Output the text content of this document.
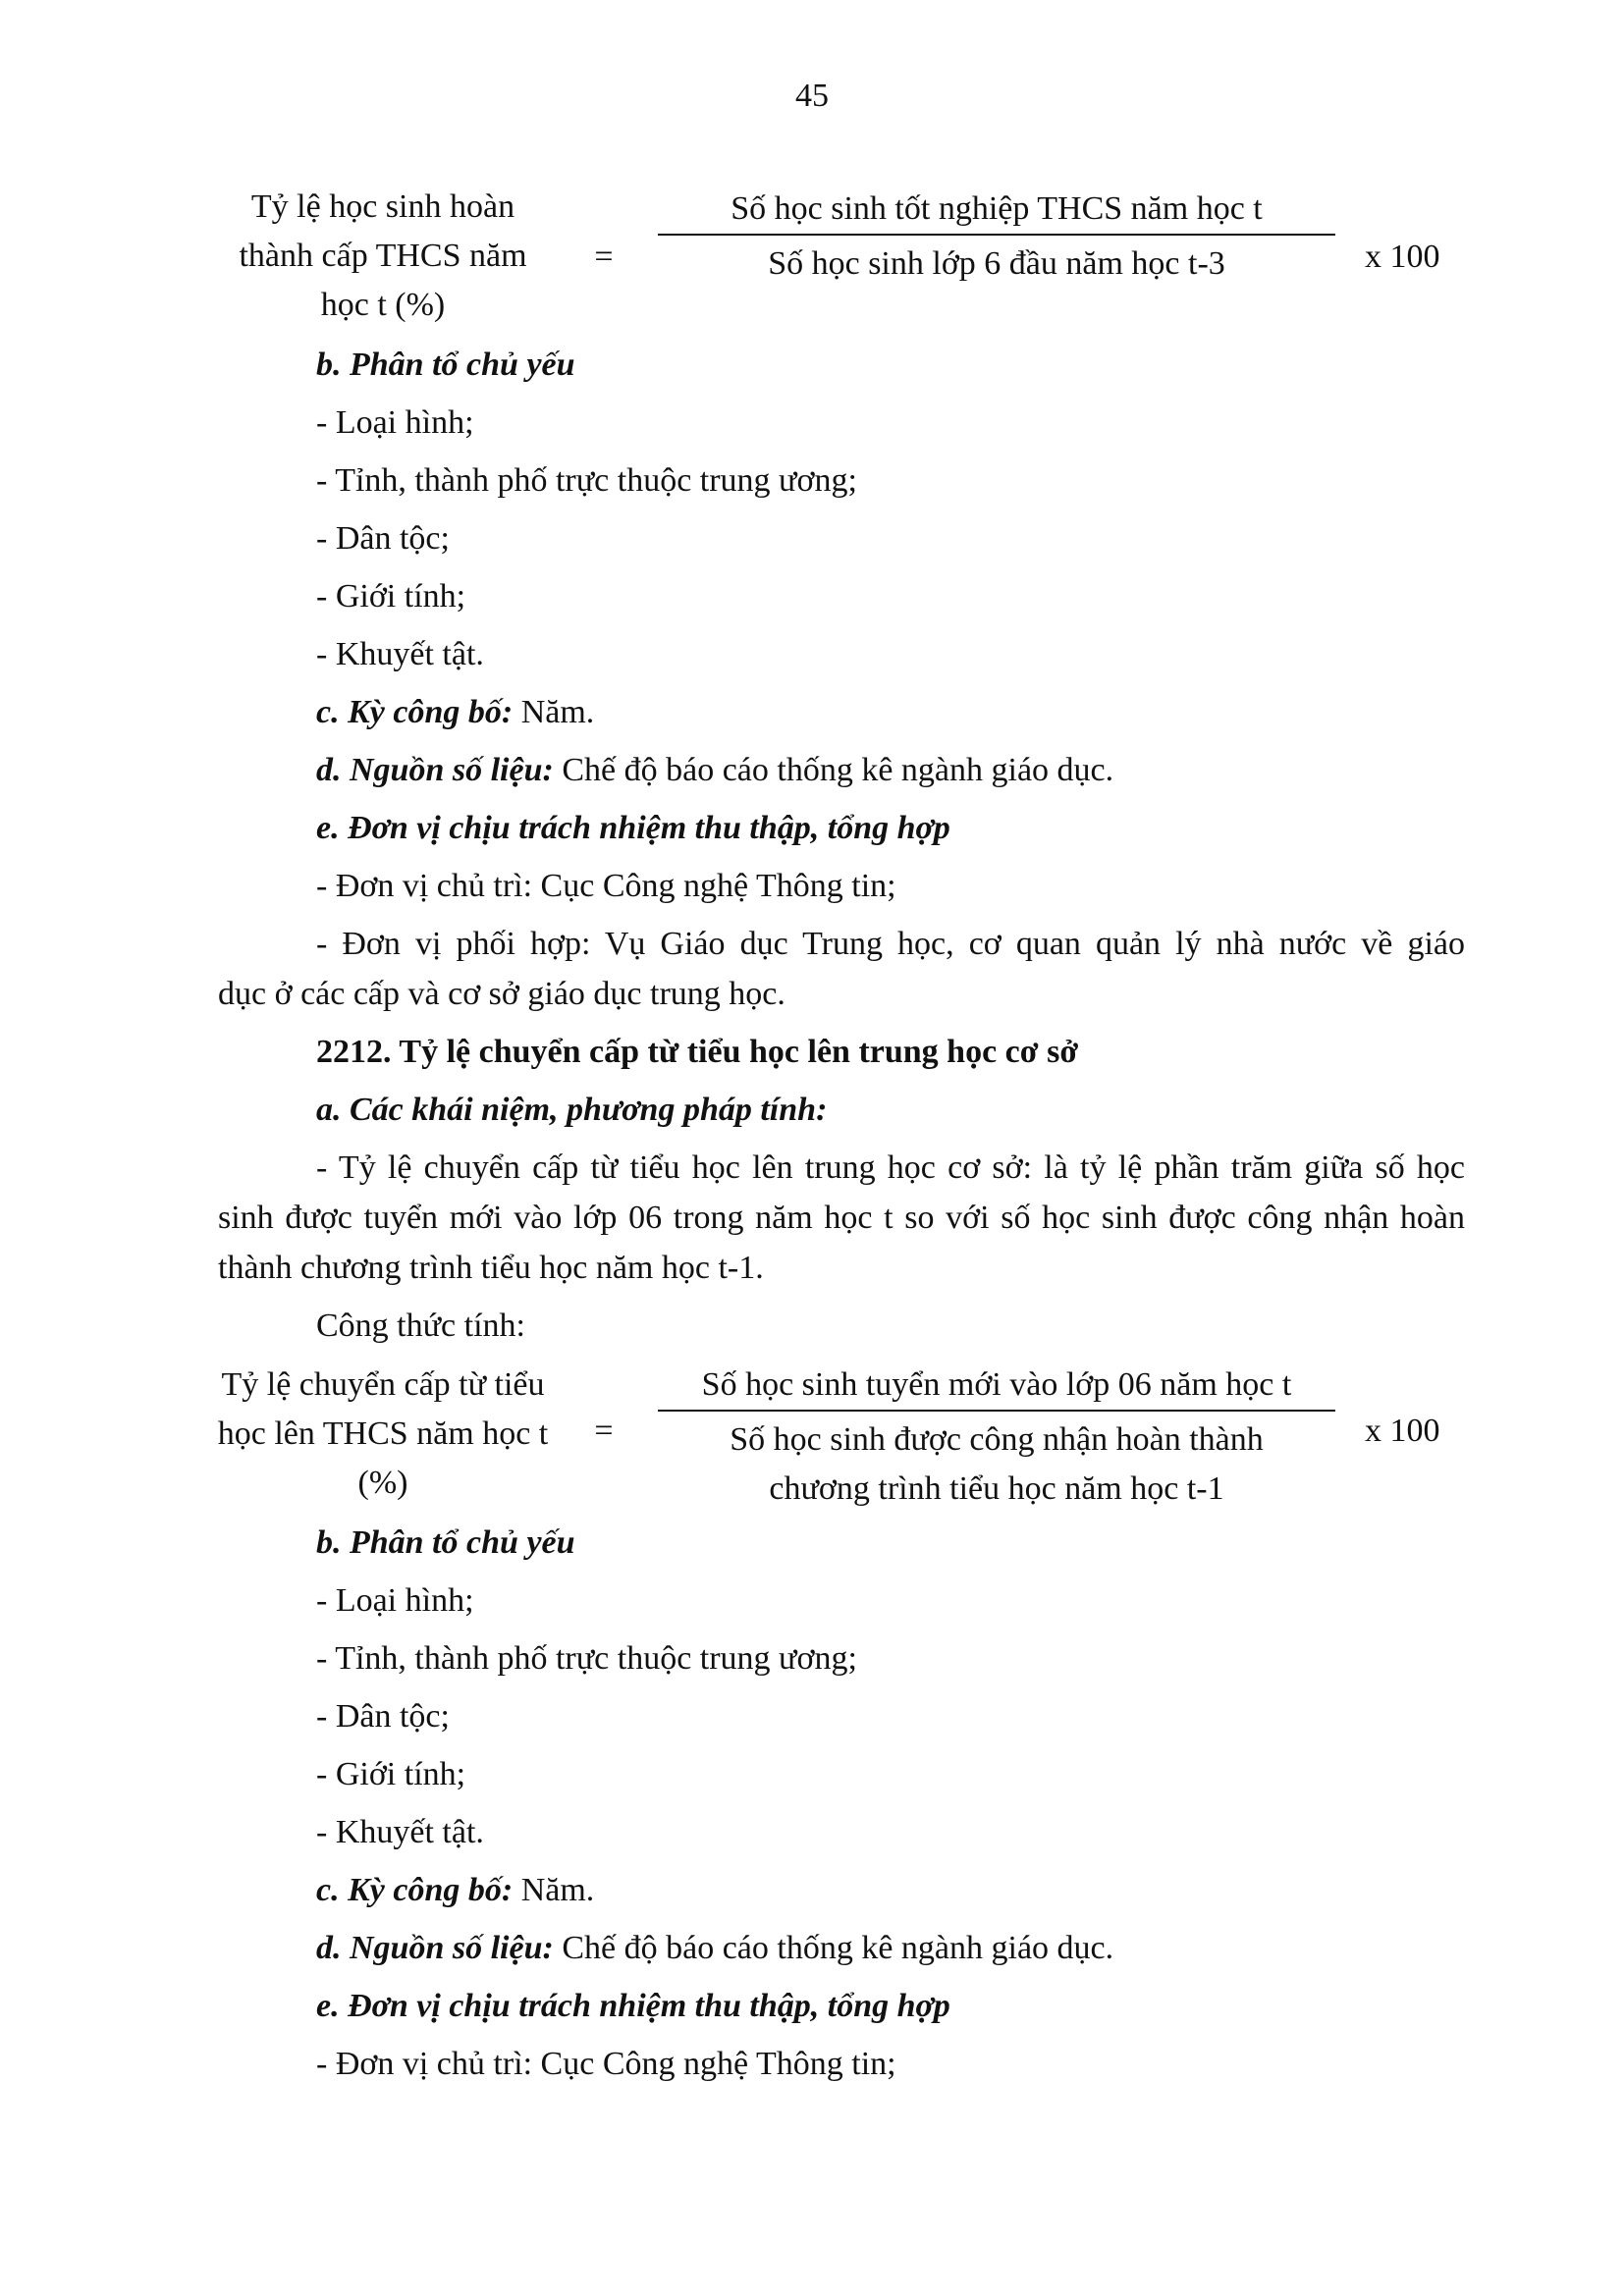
45
Tỷ lệ học sinh hoàn
thành cấp THCS năm
học t (%)
=
Số học sinh tốt nghiệp THCS năm học t
Số học sinh lớp 6 đầu năm học t-3	x 100
b. Phân tổ chủ yếu
- Loại hình;
- Tỉnh, thành phố trực thuộc trung ương;
- Dân tộc;
- Giới tính;
- Khuyết tật.
c. Kỳ công bố: Năm.
d. Nguồn số liệu: Chế độ báo cáo thống kê ngành giáo dục.
e. Đơn vị chịu trách nhiệm thu thập, tổng hợp
- Đơn vị chủ trì: Cục Công nghệ Thông tin;
- Đơn vị phối hợp: Vụ Giáo dục Trung học, cơ quan quản lý nhà nước về giáo
dục ở các cấp và cơ sở giáo dục trung học.
2212. Tỷ lệ chuyển cấp từ tiểu học lên trung học cơ sở
a. Các khái niệm, phương pháp tính:
- Tỷ lệ chuyển cấp từ tiểu học lên trung học cơ sở: là tỷ lệ phần trăm giữa số học
sinh được tuyển mới vào lớp 06 trong năm học t so với số học sinh được công nhận hoàn
thành chương trình tiểu học năm học t-1.
Công thức tính:
Tỷ lệ chuyển cấp từ tiểu
học lên THCS năm học t
(%)
=
Số học sinh tuyển mới vào lớp 06 năm học t
Số học sinh được công nhận hoàn thành
chương trình tiểu học năm học t-1
x 100
b. Phân tổ chủ yếu
- Loại hình;
- Tỉnh, thành phố trực thuộc trung ương;
- Dân tộc;
- Giới tính;
- Khuyết tật.
c. Kỳ công bố: Năm.
d. Nguồn số liệu: Chế độ báo cáo thống kê ngành giáo dục.
e. Đơn vị chịu trách nhiệm thu thập, tổng hợp
- Đơn vị chủ trì: Cục Công nghệ Thông tin;
